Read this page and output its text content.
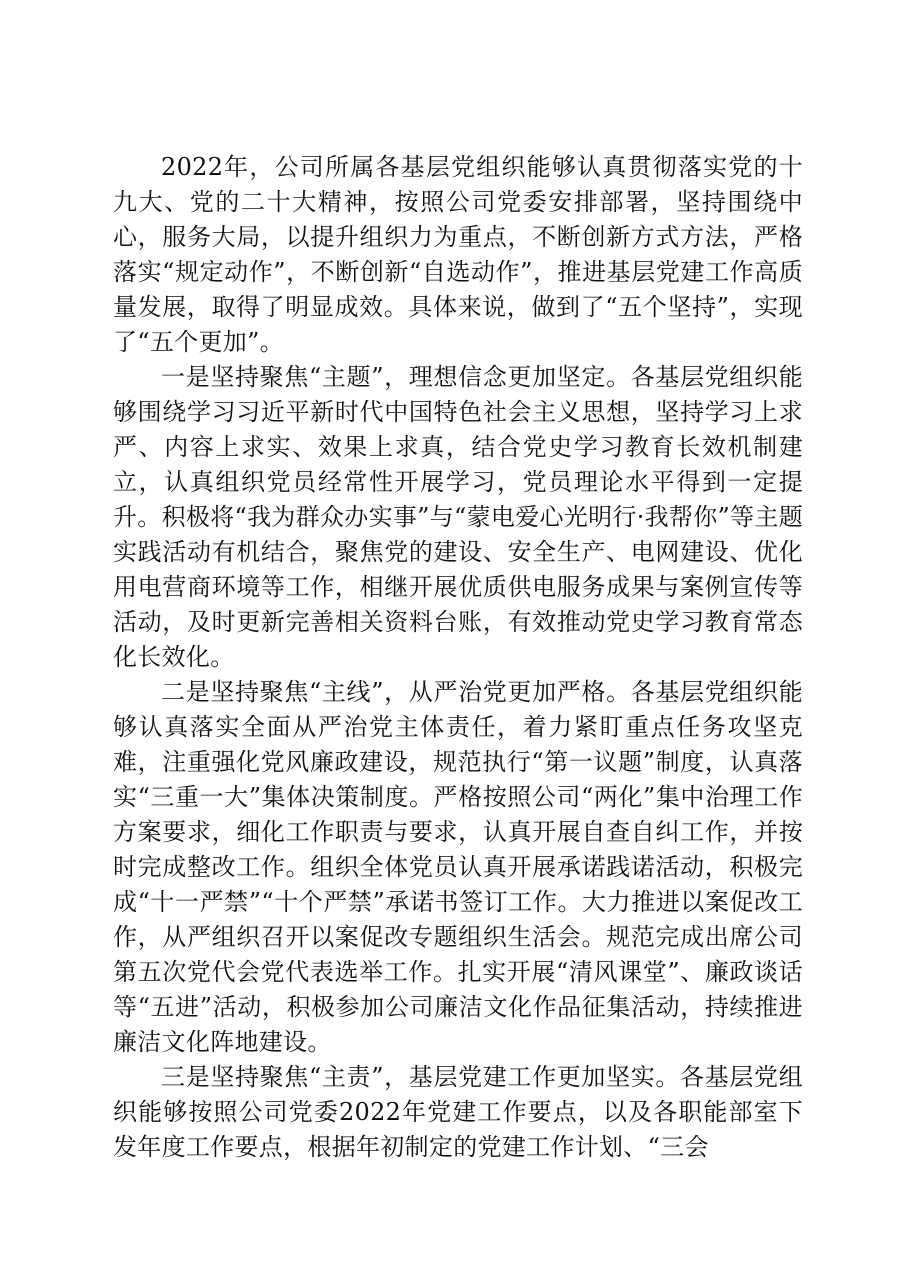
2022年，公司所属各基层党组织能够认真贯彻落实党的十九大、党的二十大精神，按照公司党委安排部署，坚持围绕中心，服务大局，以提升组织力为重点，不断创新方式方法，严格落实“规定动作”，不断创新“自选动作”，推进基层党建工作高质量发展，取得了明显成效。具体来说，做到了“五个坚持”，实现了“五个更加”。

一是坚持聚焦“主题”，理想信念更加坚定。各基层党组织能够围绕学习习近平新时代中国特色社会主义思想，坚持学习上求严、内容上求实、效果上求真，结合党史学习教育长效机制建立，认真组织党员经常性开展学习，党员理论水平得到一定提升。积极将“我为群众办实事”与“蒙电爱心光明行·我帮你”等主题实践活动有机结合，聚焦党的建设、安全生产、电网建设、优化用电营商环境等工作，相继开展优质供电服务成果与案例宣传等活动，及时更新完善相关资料台账，有效推动党史学习教育常态化长效化。

二是坚持聚焦“主线”，从严治党更加严格。各基层党组织能够认真落实全面从严治党主体责任，着力紧盯重点任务攻坚克难，注重强化党风廉政建设，规范执行“第一议题”制度，认真落实“三重一大”集体决策制度。严格按照公司“两化”集中治理工作方案要求，细化工作职责与要求，认真开展自查自纠工作，并按时完成整改工作。组织全体党员认真开展承诺践诺活动，积极完成“十一严禁”“十个严禁”承诺书签订工作。大力推进以案促改工作，从严组织召开以案促改专题组织生活会。规范完成出席公司第五次党代会党代表选举工作。扎实开展“清风课堂”、廉政谈话等“五进”活动，积极参加公司廉洁文化作品征集活动，持续推进廉洁文化阵地建设。

三是坚持聚焦“主责”，基层党建工作更加坚实。各基层党组织能够按照公司党委2022年党建工作要点，以及各职能部室下发年度工作要点，根据年初制定的党建工作计划、“三会
